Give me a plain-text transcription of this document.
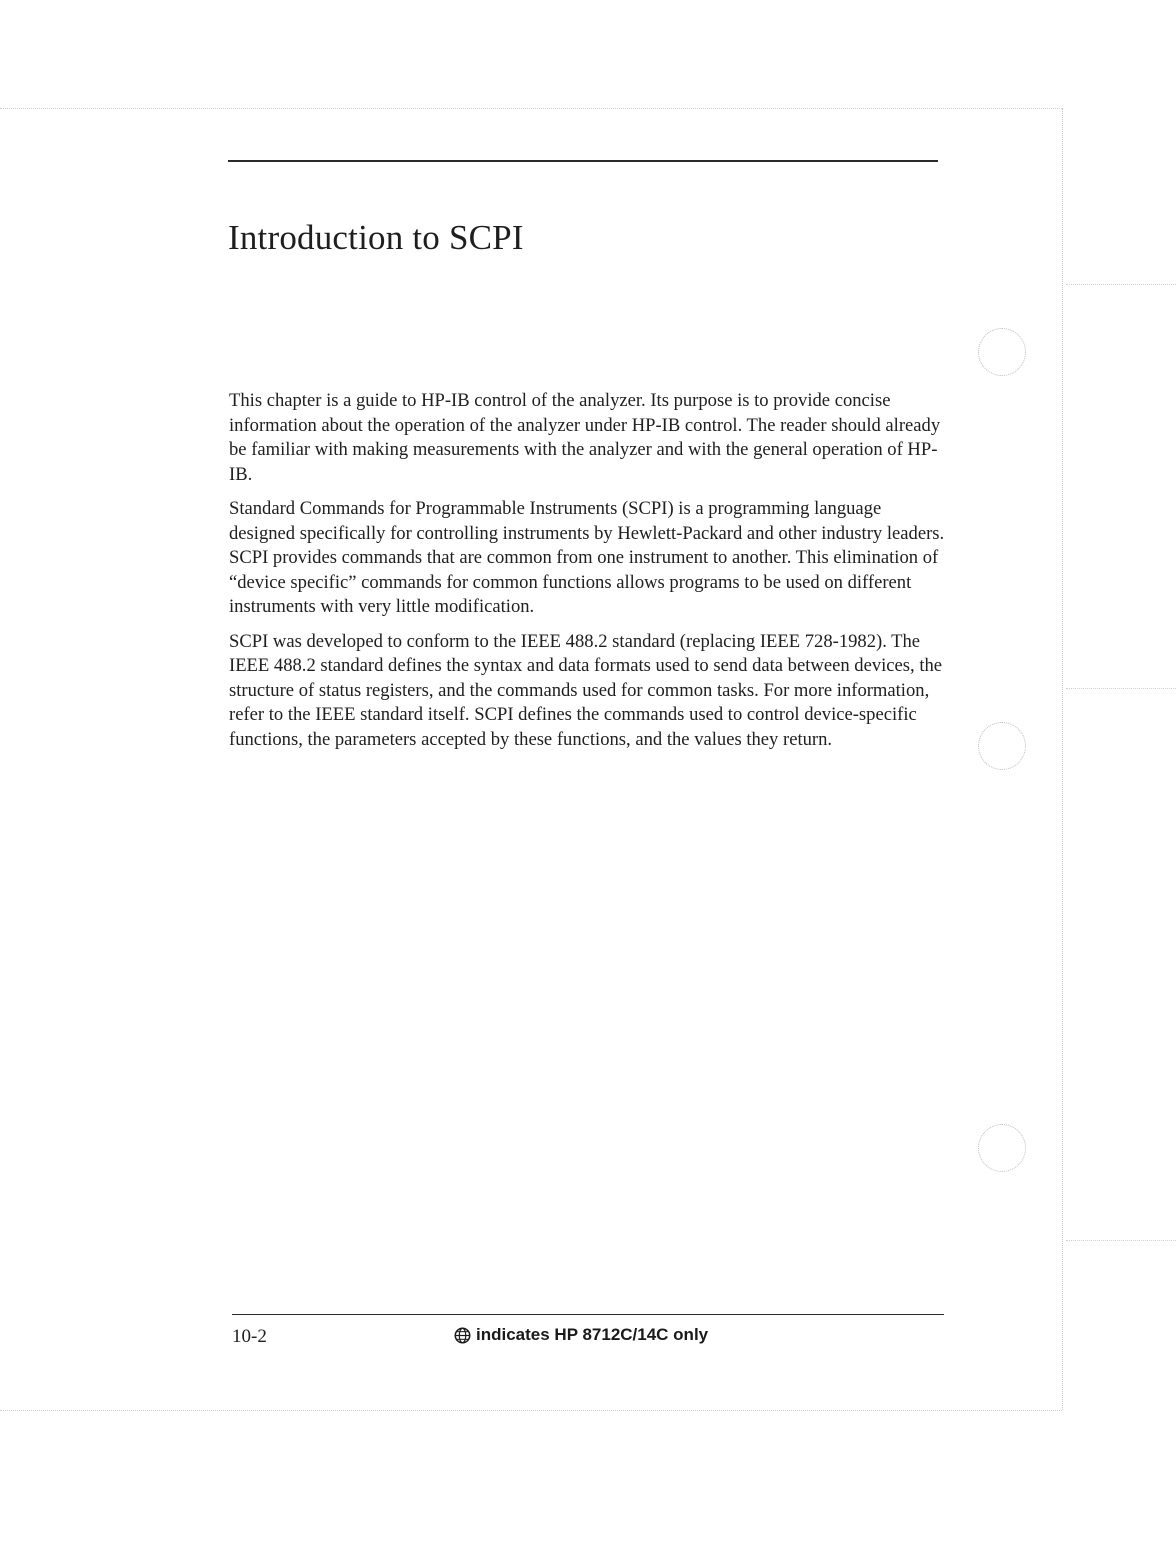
Introduction to SCPI

This chapter is a guide to HP-IB control of the analyzer. Its purpose is to provide concise information about the operation of the analyzer under HP-IB control. The reader should already be familiar with making measurements with the analyzer and with the general operation of HP-IB.

Standard Commands for Programmable Instruments (SCPI) is a programming language designed specifically for controlling instruments by Hewlett-Packard and other industry leaders. SCPI provides commands that are common from one instrument to another. This elimination of “device specific” commands for common functions allows programs to be used on different instruments with very little modification.

SCPI was developed to conform to the IEEE 488.2 standard (replacing IEEE 728-1982). The IEEE 488.2 standard defines the syntax and data formats used to send data between devices, the structure of status registers, and the commands used for common tasks. For more information, refer to the IEEE standard itself. SCPI defines the commands used to control device-specific functions, the parameters accepted by these functions, and the values they return.

10-2	indicates HP 8712C/14C only
